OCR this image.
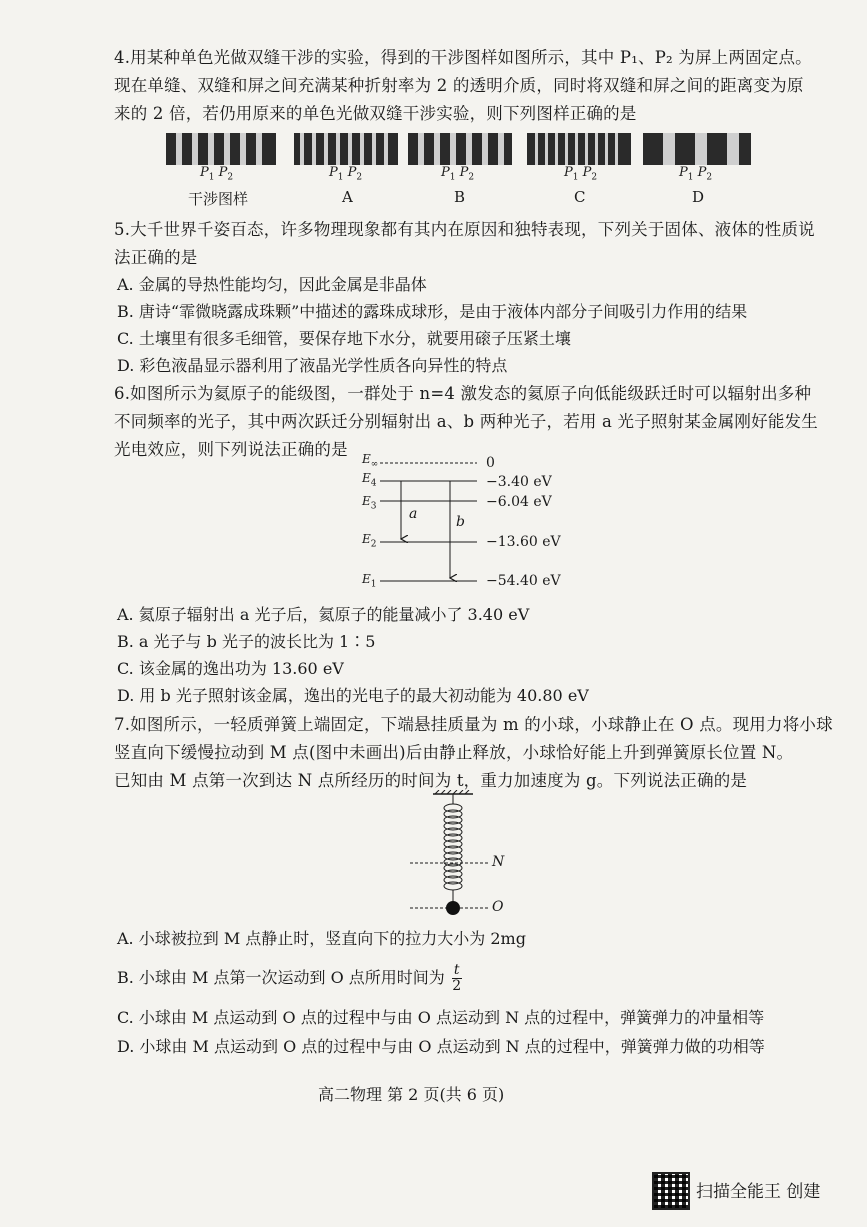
4.用某种单色光做双缝干涉的实验，得到的干涉图样如图所示，其中 P₁、P₂ 为屏上两固定点。
现在单缝、双缝和屏之间充满某种折射率为 2 的透明介质，同时将双缝和屏之间的距离变为原
来的 2 倍，若仍用原来的单色光做双缝干涉实验，则下列图样正确的是
$P_1$ $P_2$	$P_1$ $P_2$	$P_1$ $P_2$	$P_1$ $P_2$	$P_1$ $P_2$
干涉图样	A	B	C	D
5.大千世界千姿百态，许多物理现象都有其内在原因和独特表现，下列关于固体、液体的性质说
法正确的是
A. 金属的导热性能均匀，因此金属是非晶体
B. 唐诗“霏微晓露成珠颗”中描述的露珠成球形，是由于液体内部分子间吸引力作用的结果
C. 土壤里有很多毛细管，要保存地下水分，就要用磙子压紧土壤
D. 彩色液晶显示器利用了液晶光学性质各向异性的特点
6.如图所示为氦原子的能级图，一群处于 n=4 激发态的氦原子向低能级跃迁时可以辐射出多种
不同频率的光子，其中两次跃迁分别辐射出 a、b 两种光子，若用 a 光子照射某金属刚好能发生
光电效应，则下列说法正确的是 $E_\infty$
$E_4$
$E_3$
$E_2$
$E_1$
a	b
0
−3.40 eV
−6.04 eV
−13.60 eV
−54.40 eV
A. 氦原子辐射出 a 光子后，氦原子的能量减小了 3.40 eV
B. a 光子与 b 光子的波长比为 1∶5
C. 该金属的逸出功为 13.60 eV
D. 用 b 光子照射该金属，逸出的光电子的最大初动能为 40.80 eV
7.如图所示，一轻质弹簧上端固定，下端悬挂质量为 m 的小球，小球静止在 O 点。现用力将小球
竖直向下缓慢拉动到 M 点(图中未画出)后由静止释放，小球恰好能上升到弹簧原长位置 N。
已知由 M 点第一次到达 N 点所经历的时间为 t，重力加速度为 g。下列说法正确的是
N
O
A. 小球被拉到 M 点静止时，竖直向下的拉力大小为 2mg
B. 小球由 M 点第一次运动到 O 点所用时间为 $\frac{t}{2}$
C. 小球由 M 点运动到 O 点的过程中与由 O 点运动到 N 点的过程中，弹簧弹力的冲量相等
D. 小球由 M 点运动到 O 点的过程中与由 O 点运动到 N 点的过程中，弹簧弹力做的功相等
高二物理 第 2 页(共 6 页)
扫描全能王 创建
